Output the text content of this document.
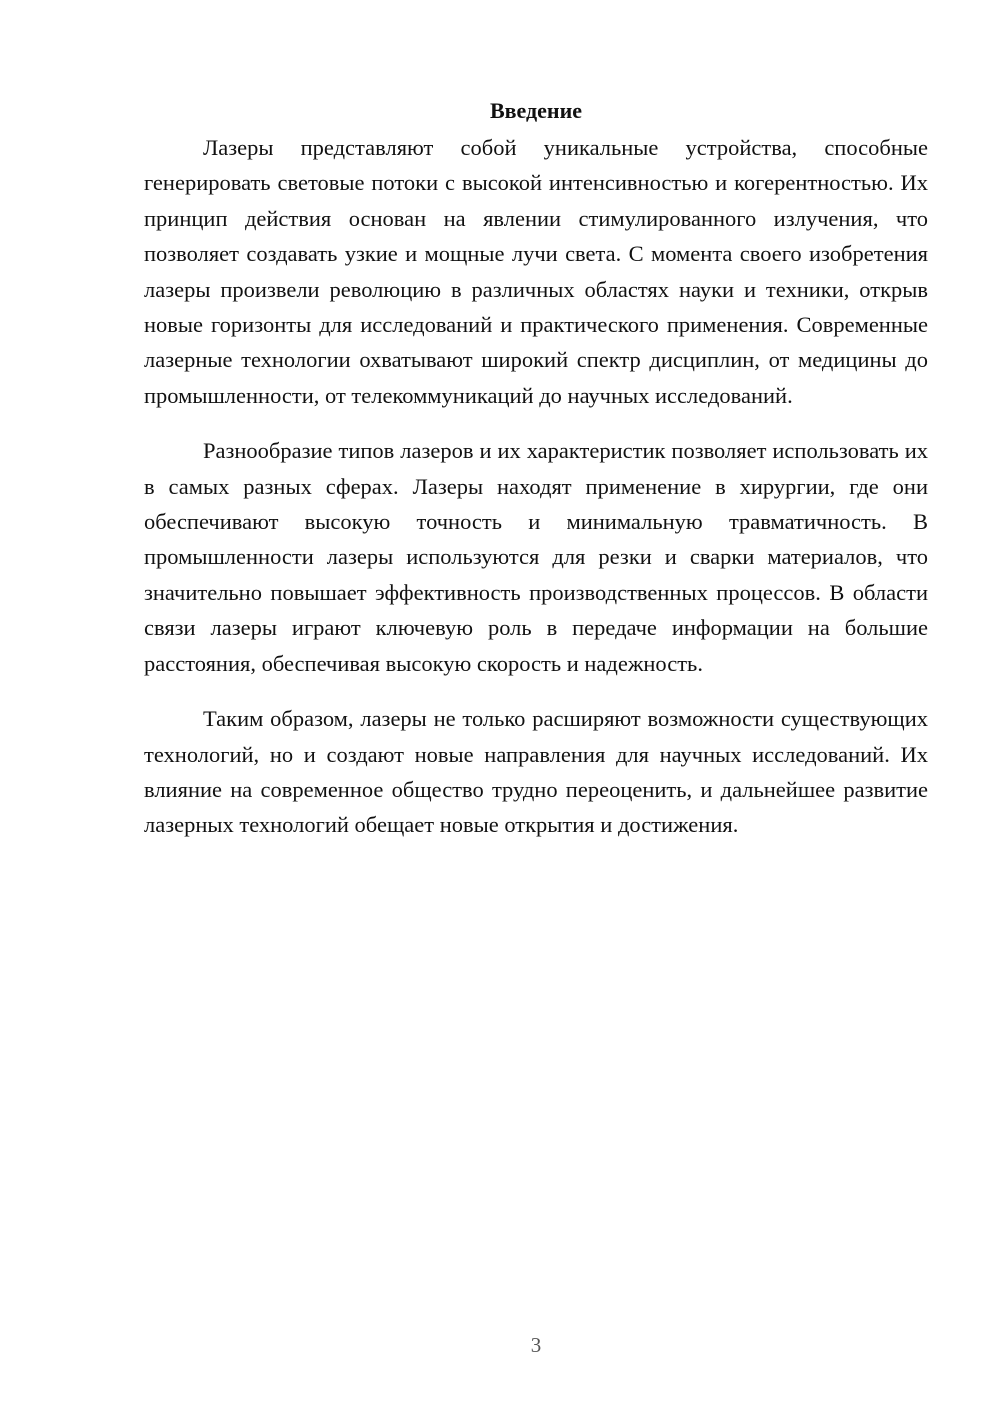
Введение

Лазеры представляют собой уникальные устройства, способные генерировать световые потоки с высокой интенсивностью и когерентностью. Их принцип действия основан на явлении стимулированного излучения, что позволяет создавать узкие и мощные лучи света. С момента своего изобретения лазеры произвели революцию в различных областях науки и техники, открыв новые горизонты для исследований и практического применения. Современные лазерные технологии охватывают широкий спектр дисциплин, от медицины до промышленности, от телекоммуникаций до научных исследований.

Разнообразие типов лазеров и их характеристик позволяет использовать их в самых разных сферах. Лазеры находят применение в хирургии, где они обеспечивают высокую точность и минимальную травматичность. В промышленности лазеры используются для резки и сварки материалов, что значительно повышает эффективность производственных процессов. В области связи лазеры играют ключевую роль в передаче информации на большие расстояния, обеспечивая высокую скорость и надежность.

Таким образом, лазеры не только расширяют возможности существующих технологий, но и создают новые направления для научных исследований. Их влияние на современное общество трудно переоценить, и дальнейшее развитие лазерных технологий обещает новые открытия и достижения.

3
